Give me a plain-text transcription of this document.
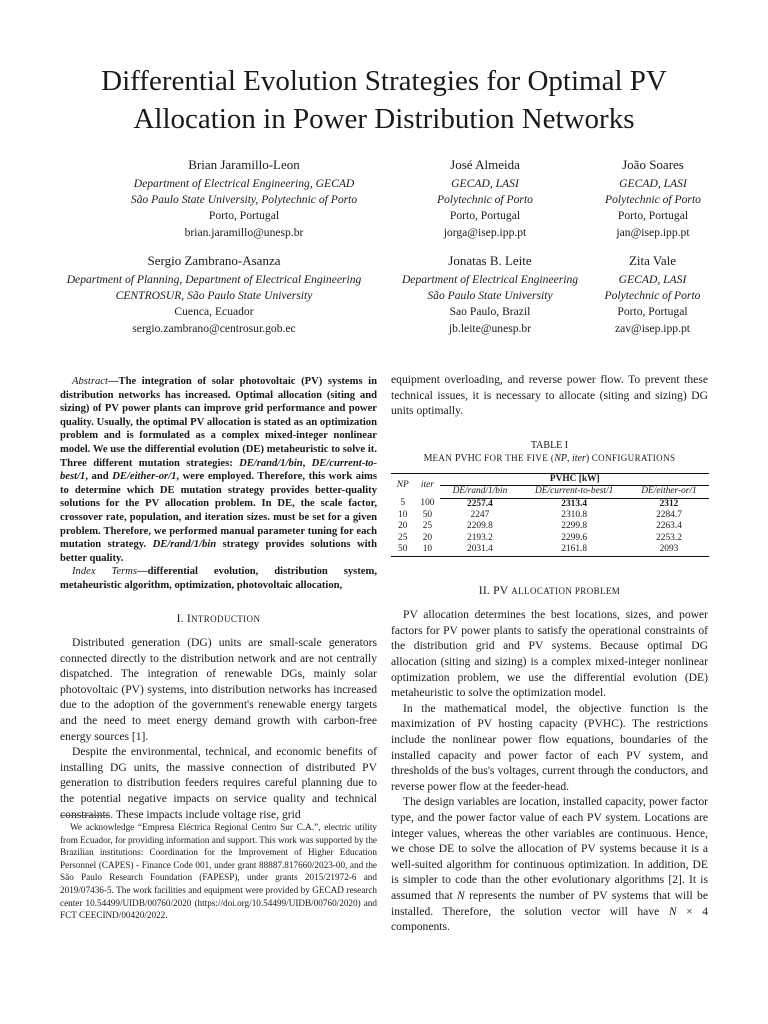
Differential Evolution Strategies for Optimal PV Allocation in Power Distribution Networks
Brian Jaramillo-Leon
Department of Electrical Engineering, GECAD
São Paulo State University, Polytechnic of Porto
Porto, Portugal
brian.jaramillo@unesp.br
José Almeida
GECAD, LASI
Polytechnic of Porto
Porto, Portugal
jorga@isep.ipp.pt
João Soares
GECAD, LASI
Polytechnic of Porto
Porto, Portugal
jan@isep.ipp.pt
Sergio Zambrano-Asanza
Department of Planning, Department of Electrical Engineering
CENTROSUR, São Paulo State University
Cuenca, Ecuador
sergio.zambrano@centrosur.gob.ec
Jonatas B. Leite
Department of Electrical Engineering
São Paulo State University
Sao Paulo, Brazil
jb.leite@unesp.br
Zita Vale
GECAD, LASI
Polytechnic of Porto
Porto, Portugal
zav@isep.ipp.pt

Abstract—The integration of solar photovoltaic (PV) systems in distribution networks has increased. Optimal allocation (siting and sizing) of PV power plants can improve grid performance and power quality. Usually, the optimal PV allocation is stated as an optimization problem and is formulated as a complex mixed-integer nonlinear model. We use the differential evolution (DE) metaheuristic to solve it. Three different mutation strategies: DE/rand/1/bin, DE/current-to-best/1, and DE/either-or/1, were employed. Therefore, this work aims to determine which DE mutation strategy provides better-quality solutions for the PV allocation problem. In DE, the scale factor, crossover rate, population, and iteration sizes. must be set for a given problem. Therefore, we performed manual parameter tuning for each mutation strategy. DE/rand/1/bin strategy provides solutions with better quality.

Index Terms—differential evolution, distribution system, metaheuristic algorithm, optimization, photovoltaic allocation,

I. INTRODUCTION

Distributed generation (DG) units are small-scale generators connected directly to the distribution network and are not centrally dispatched. The integration of renewable DGs, mainly solar photovoltaic (PV) systems, into distribution networks has increased due to the adoption of the government's renewable energy targets and the need to meet energy demand growth with carbon-free energy sources [1].

Despite the environmental, technical, and economic benefits of installing DG units, the massive connection of distributed PV generation to distribution feeders requires careful planning due to the potential negative impacts on service quality and technical constraints. These impacts include voltage rise, grid

We acknowledge “Empresa Eléctrica Regional Centro Sur C.A.”, electric utility from Ecuador, for providing information and support. This work was supported by the Brazilian institutions: Coordination for the Improvement of Higher Education Personnel (CAPES) - Finance Code 001, under grant 88887.817660/2023-00, and the São Paulo Research Foundation (FAPESP), under grants 2015/21972-6 and 2019/07436-5. The work facilities and equipment were provided by GECAD research center 10.54499/UIDB/00760/2020 (https://doi.org/10.54499/UIDB/00760/2020) and FCT CEECIND/00420/2022.

equipment overloading, and reverse power flow. To prevent these technical issues, it is necessary to allocate (siting and sizing) DG units optimally.

TABLE I
MEAN PVHC FOR THE FIVE (NP, iter) CONFIGURATIONS
NP	iter	PVHC [kW]		
		DE/rand/1/bin	DE/current-to-best/1	DE/either-or/1
5	100	2257.4	2313.4	2312
10	50	2247	2310.8	2284.7
20	25	2209.8	2299.8	2263.4
25	20	2193.2	2299.6	2253.2
50	10	2031.4	2161.8	2093
II. PV ALLOCATION PROBLEM

PV allocation determines the best locations, sizes, and power factors for PV power plants to satisfy the operational constraints of the distribution grid and PV systems. Because optimal DG allocation (siting and sizing) is a complex mixed-integer nonlinear optimization problem, we use the differential evolution (DE) metaheuristic to solve the optimization model.

In the mathematical model, the objective function is the maximization of PV hosting capacity (PVHC). The restrictions include the nonlinear power flow equations, boundaries of the installed capacity and power factor of each PV system, and thresholds of the bus's voltages, current through the conductors, and reverse power flow at the feeder-head.

The design variables are location, installed capacity, power factor type, and the power factor value of each PV system. Locations are integer values, whereas the other variables are continuous. Hence, we chose DE to solve the allocation of PV systems because it is a well-suited algorithm for continuous optimization. In addition, DE is simpler to code than the other evolutionary algorithms [2]. It is assumed that N represents the number of PV systems that will be installed. Therefore, the solution vector will have N × 4 components.
